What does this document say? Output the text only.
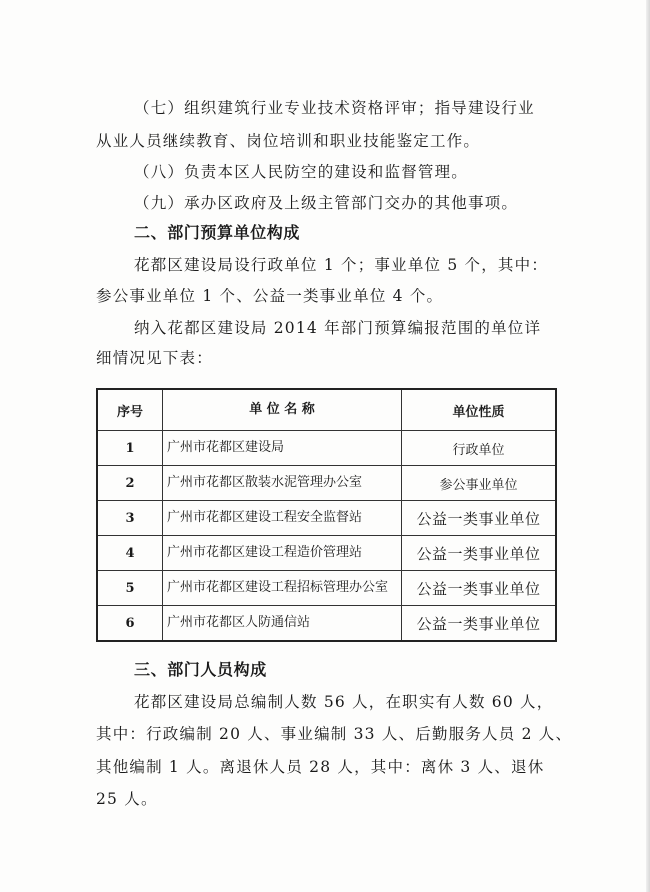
（七）组织建筑行业专业技术资格评审；指导建设行业
从业人员继续教育、岗位培训和职业技能鉴定工作。
（八）负责本区人民防空的建设和监督管理。
（九）承办区政府及上级主管部门交办的其他事项。
二、部门预算单位构成
花都区建设局设行政单位 1 个；事业单位 5 个，其中：
参公事业单位 1 个、公益一类事业单位 4 个。
纳入花都区建设局 2014 年部门预算编报范围的单位详
细情况见下表：
序号	单 位 名 称	单位性质
1	广州市花都区建设局	行政单位
2	广州市花都区散装水泥管理办公室	参公事业单位
3	广州市花都区建设工程安全监督站	公益一类事业单位
4	广州市花都区建设工程造价管理站	公益一类事业单位
5	广州市花都区建设工程招标管理办公室	公益一类事业单位
6	广州市花都区人防通信站	公益一类事业单位
三、部门人员构成
花都区建设局总编制人数 56 人，在职实有人数 60 人，
其中：行政编制 20 人、事业编制 33 人、后勤服务人员 2 人、
其他编制 1 人。离退休人员 28 人，其中：离休 3 人、退休
25 人。
